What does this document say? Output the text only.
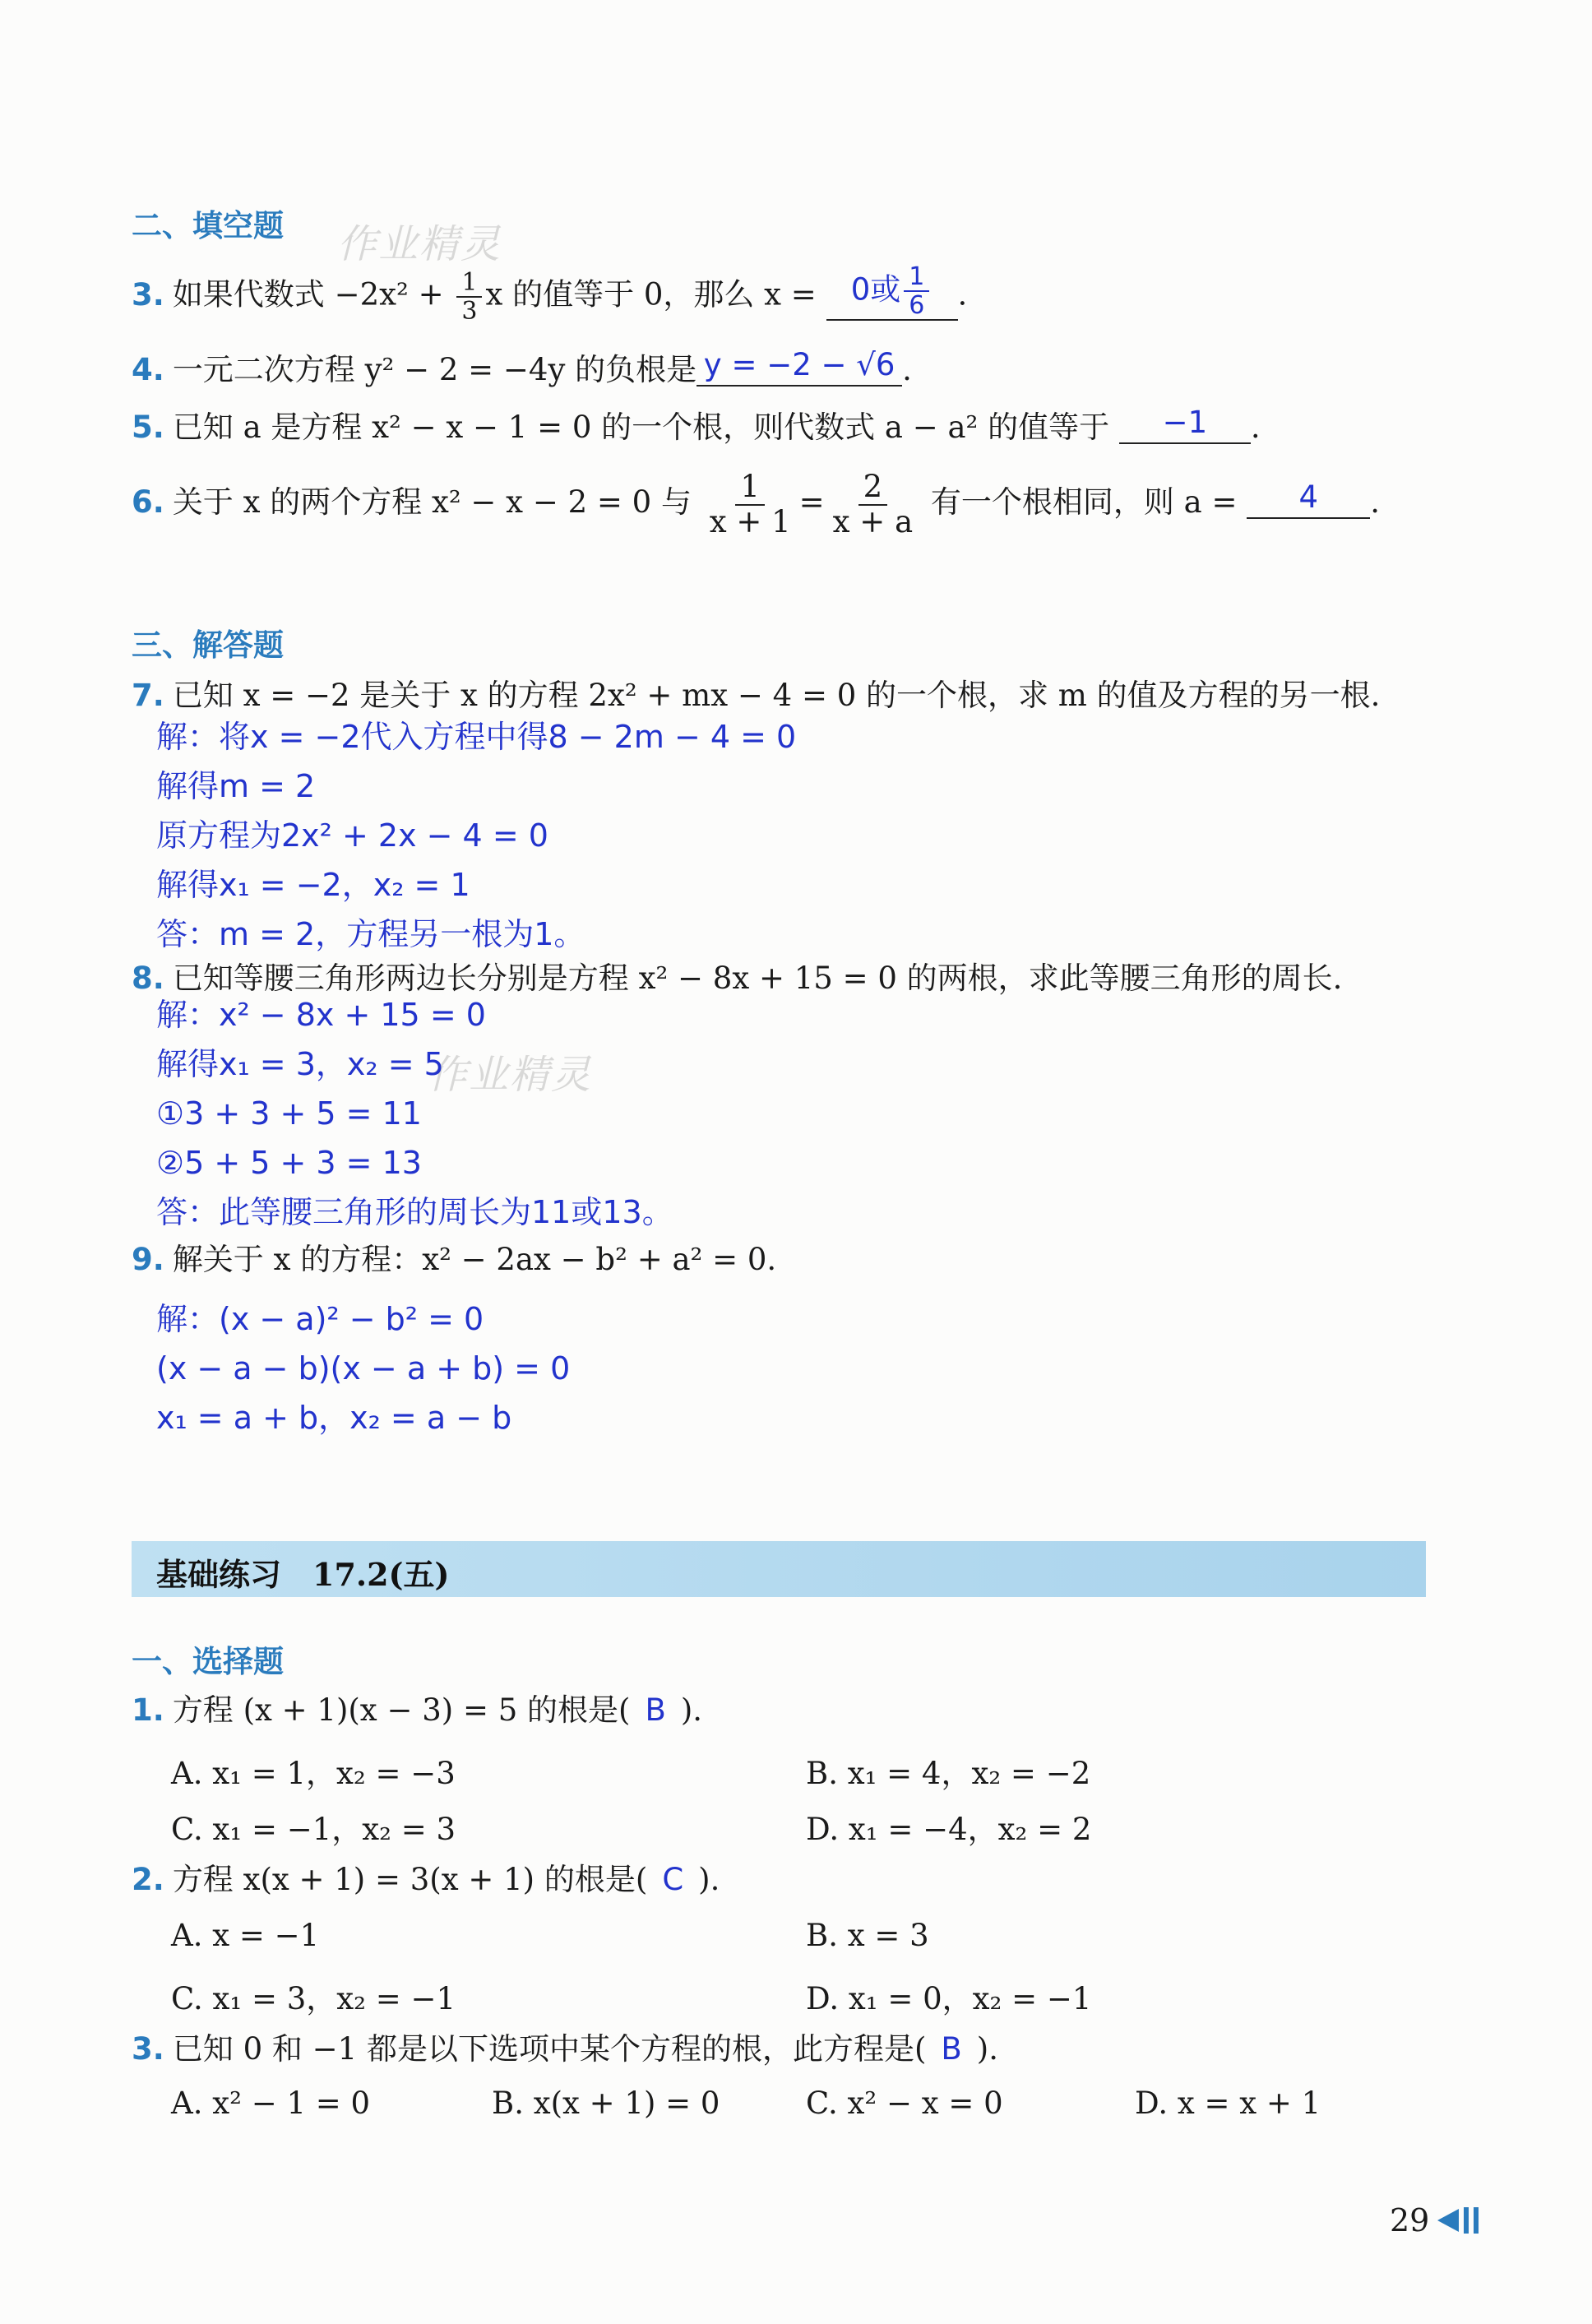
作业精灵
作业精灵
二、填空题
3. 如果代数式 $-2x^2 + \frac{1}{3}$ x 的值等于 0，那么 x = 0或 $\frac{1}{6}$ .
4. 一元二次方程 y² − 2 = −4y 的负根是 y = −2 − √6 .
5. 已知 a 是方程 x² − x − 1 = 0 的一个根，则代数式 a − a² 的值等于 −1 .
6. 关于 x 的两个方程 x² − x − 2 = 0 与 $\frac{1}{x + 1} = \frac{2}{x + a}$ 有一个根相同，则 a = 4 .
三、解答题
7. 已知 x = −2 是关于 x 的方程 2x² + mx − 4 = 0 的一个根，求 m 的值及方程的另一根.
解：将x = −2代入方程中得8 − 2m − 4 = 0
解得m = 2
原方程为2x² + 2x − 4 = 0
解得x₁ = −2，x₂ = 1
答：m = 2，方程另一根为1。
8. 已知等腰三角形两边长分别是方程 x² − 8x + 15 = 0 的两根，求此等腰三角形的周长.
解：x² − 8x + 15 = 0
解得x₁ = 3，x₂ = 5
①3 + 3 + 5 = 11
②5 + 5 + 3 = 13
答：此等腰三角形的周长为11或13。
9. 解关于 x 的方程：x² − 2ax − b² + a² = 0.
解：(x − a)² − b² = 0
(x − a − b)(x − a + b) = 0
x₁ = a + b，x₂ = a − b
基础练习　17.2(五)
一、选择题
1. 方程 (x + 1)(x − 3) = 5 的根是( B ).
A. x₁ = 1，x₂ = −3	B. x₁ = 4，x₂ = −2
C. x₁ = −1，x₂ = 3	D. x₁ = −4，x₂ = 2
2. 方程 x(x + 1) = 3(x + 1) 的根是( C ).
A. x = −1	B. x = 3
C. x₁ = 3，x₂ = −1	D. x₁ = 0，x₂ = −1
3. 已知 0 和 −1 都是以下选项中某个方程的根，此方程是( B ).
A. x² − 1 = 0	B. x(x + 1) = 0	C. x² − x = 0	D. x = x + 1
29
